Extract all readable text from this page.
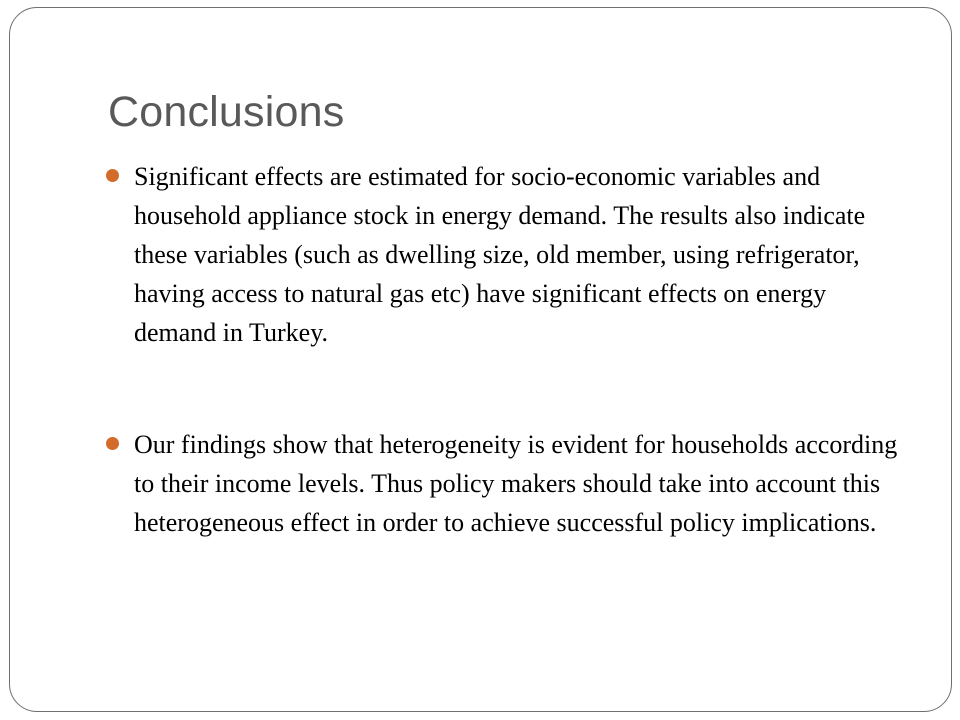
Conclusions
Significant effects are estimated for socio-economic variables and household appliance stock in energy demand. The results also indicate these variables (such as dwelling size, old member, using refrigerator, having access to natural gas etc) have significant effects on energy demand in Turkey.
Our findings show that heterogeneity is evident for households according to their income levels. Thus policy makers should take into account this heterogeneous effect in order to achieve successful policy implications.
